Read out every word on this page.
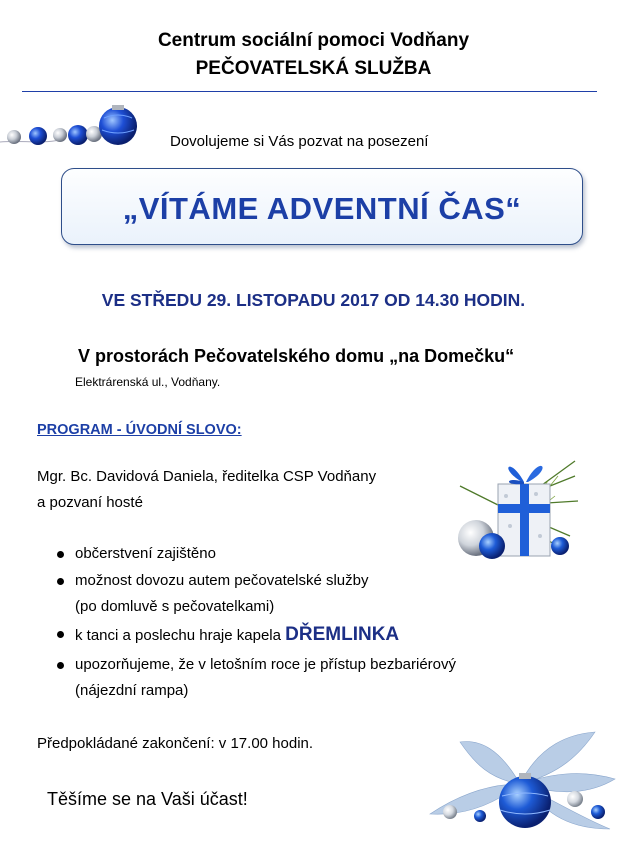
Centrum sociální pomoci Vodňany
PEČOVATELSKÁ SLUŽBA
Dovolujeme si Vás pozvat na posezení
„VÍTÁME ADVENTNÍ ČAS“
VE STŘEDU 29. LISTOPADU 2017 OD 14.30 HODIN.
V prostorách Pečovatelského domu „na Domečku“
Elektrárenská ul., Vodňany.
PROGRAM - ÚVODNÍ SLOVO:
Mgr. Bc. Davidová Daniela, ředitelka CSP Vodňany
a pozvaní hosté
občerstvení zajištěno
možnost dovozu autem pečovatelské služby
(po domluvě s pečovatelkami)
k tanci a poslechu hraje kapela DŘEMLINKA
upozorňujeme, že v letošním roce je přístup bezbariérový
(nájezdní rampa)
Předpokládané zakončení: v 17.00 hodin.
Těšíme se na Vaši účast!
